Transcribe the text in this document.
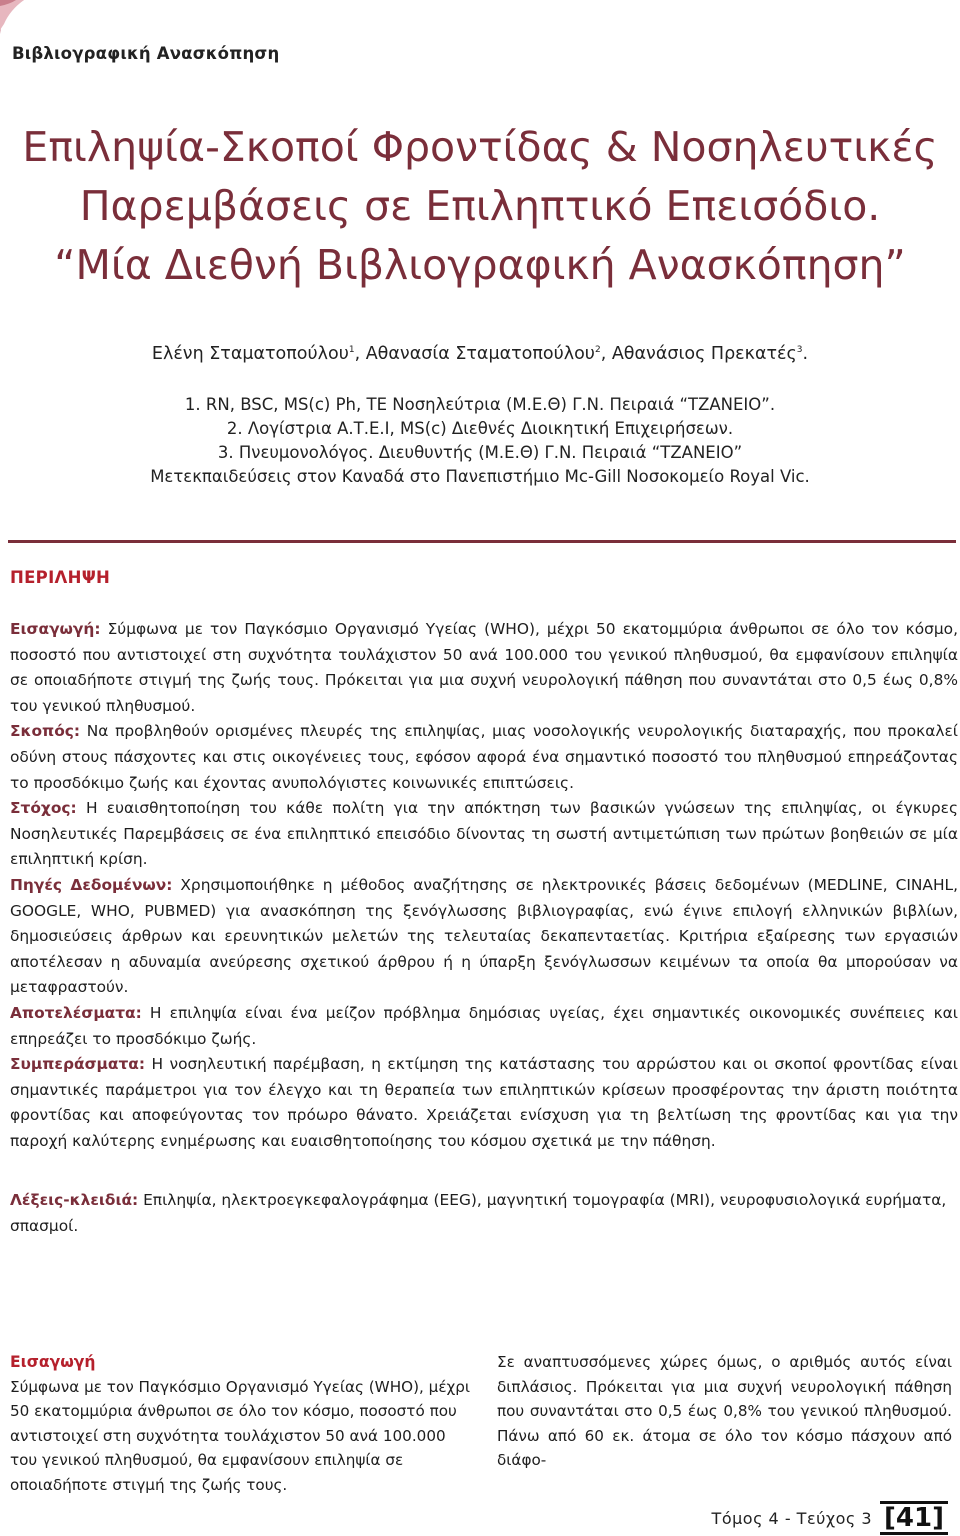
Βιβλιογραφική Ανασκόπηση
Επιληψία-Σκοποί Φροντίδας & Νοσηλευτικές
Παρεμβάσεις σε Επιληπτικό Επεισόδιο.
“Μία Διεθνή Βιβλιογραφική Ανασκόπηση”
Ελένη Σταματοπούλου$^1$, Αθανασία Σταματοπούλου$^2$, Αθανάσιος Πρεκατές$^3$.
1. RN, BSC, MS(c) Ph, TE Νοσηλεύτρια (Μ.Ε.Θ) Γ.Ν. Πειραιά “ΤΖΑΝΕΙΟ”.
2. Λογίστρια Α.Τ.Ε.Ι, MS(c) Διεθνές Διοικητική Επιχειρήσεων.
3. Πνευμονολόγος. Διευθυντής (Μ.Ε.Θ) Γ.Ν. Πειραιά “ΤΖΑΝΕΙΟ”
Μετεκπαιδεύσεις στον Καναδά στο Πανεπιστήμιο Mc-Gill Νοσοκομείο Royal Vic.
ΠΕΡΙΛΗΨΗ

Εισαγωγή: Σύμφωνα με τον Παγκόσμιο Οργανισμό Υγείας (WHO), μέχρι 50 εκατομμύρια άνθρωποι σε όλο τον κόσμο, ποσοστό που αντιστοιχεί στη συχνότητα τουλάχιστον 50 ανά 100.000 του γενικού πληθυσμού, θα εμφανίσουν επιληψία σε οποιαδήποτε στιγμή της ζωής τους. Πρόκειται για μια συχνή νευρολογική πάθηση που συναντάται στο 0,5 έως 0,8% του γενικού πληθυσμού.

Σκοπός: Να προβληθούν ορισμένες πλευρές της επιληψίας, μιας νοσολογικής νευρολογικής διαταραχής, που προκαλεί οδύνη στους πάσχοντες και στις οικογένειες τους, εφόσον αφορά ένα σημαντικό ποσοστό του πληθυσμού επηρεάζοντας το προσδόκιμο ζωής και έχοντας ανυπολόγιστες κοινωνικές επιπτώσεις.

Στόχος: Η ευαισθητοποίηση του κάθε πολίτη για την απόκτηση των βασικών γνώσεων της επιληψίας, οι έγκυρες Νοσηλευτικές Παρεμβάσεις σε ένα επιληπτικό επεισόδιο δίνοντας τη σωστή αντιμετώπιση των πρώτων βοηθειών σε μία επιληπτική κρίση.

Πηγές Δεδομένων: Χρησιμοποιήθηκε η μέθοδος αναζήτησης σε ηλεκτρονικές βάσεις δεδομένων (MEDLINE, CINAHL, GOOGLE, WHO, PUBMED) για ανασκόπηση της ξενόγλωσσης βιβλιογραφίας, ενώ έγινε επιλογή ελληνικών βιβλίων, δημοσιεύσεις άρθρων και ερευνητικών μελετών της τελευταίας δεκαπενταετίας. Κριτήρια εξαίρεσης των εργασιών αποτέλεσαν η αδυναμία ανεύρεσης σχετικού άρθρου ή η ύπαρξη ξενόγλωσσων κειμένων τα οποία θα μπορούσαν να μεταφραστούν.

Αποτελέσματα: Η επιληψία είναι ένα μείζον πρόβλημα δημόσιας υγείας, έχει σημαντικές οικονομικές συνέπειες και επηρεάζει το προσδόκιμο ζωής.

Συμπεράσματα: Η νοσηλευτική παρέμβαση, η εκτίμηση της κατάστασης του αρρώστου και οι σκοποί φροντίδας είναι σημαντικές παράμετροι για τον έλεγχο και τη θεραπεία των επιληπτικών κρίσεων προσφέροντας την άριστη ποιότητα φροντίδας και αποφεύγοντας τον πρόωρο θάνατο. Χρειάζεται ενίσχυση για τη βελτίωση της φροντίδας και για την παροχή καλύτερης ενημέρωσης και ευαισθητοποίησης του κόσμου σχετικά με την πάθηση.

Λέξεις-κλειδιά: Επιληψία, ηλεκτροεγκεφαλογράφημα (EEG), μαγνητική τομογραφία (MRI), νευροφυσιολογικά ευρήματα, σπασμοί.

Εισαγωγή
Σύμφωνα με τον Παγκόσμιο Οργανισμό Υγείας (WHO), μέχρι 50 εκατομμύρια άνθρωποι σε όλο τον κόσμο, ποσοστό που αντιστοιχεί στη συχνότητα τουλάχιστον 50 ανά 100.000 του γενικού πληθυσμού, θα εμφανίσουν επιληψία σε οποιαδήποτε στιγμή της ζωής τους.
Σε αναπτυσσόμενες χώρες όμως, ο αριθμός αυτός είναι διπλάσιος. Πρόκειται για μια συχνή νευρολογική πάθηση που συναντάται στο 0,5 έως 0,8% του γενικού πληθυσμού. Πάνω από 60 εκ. άτομα σε όλο τον κόσμο πάσχουν από διάφο-
Τόμος 4 - Τεύχος 3 [41]
